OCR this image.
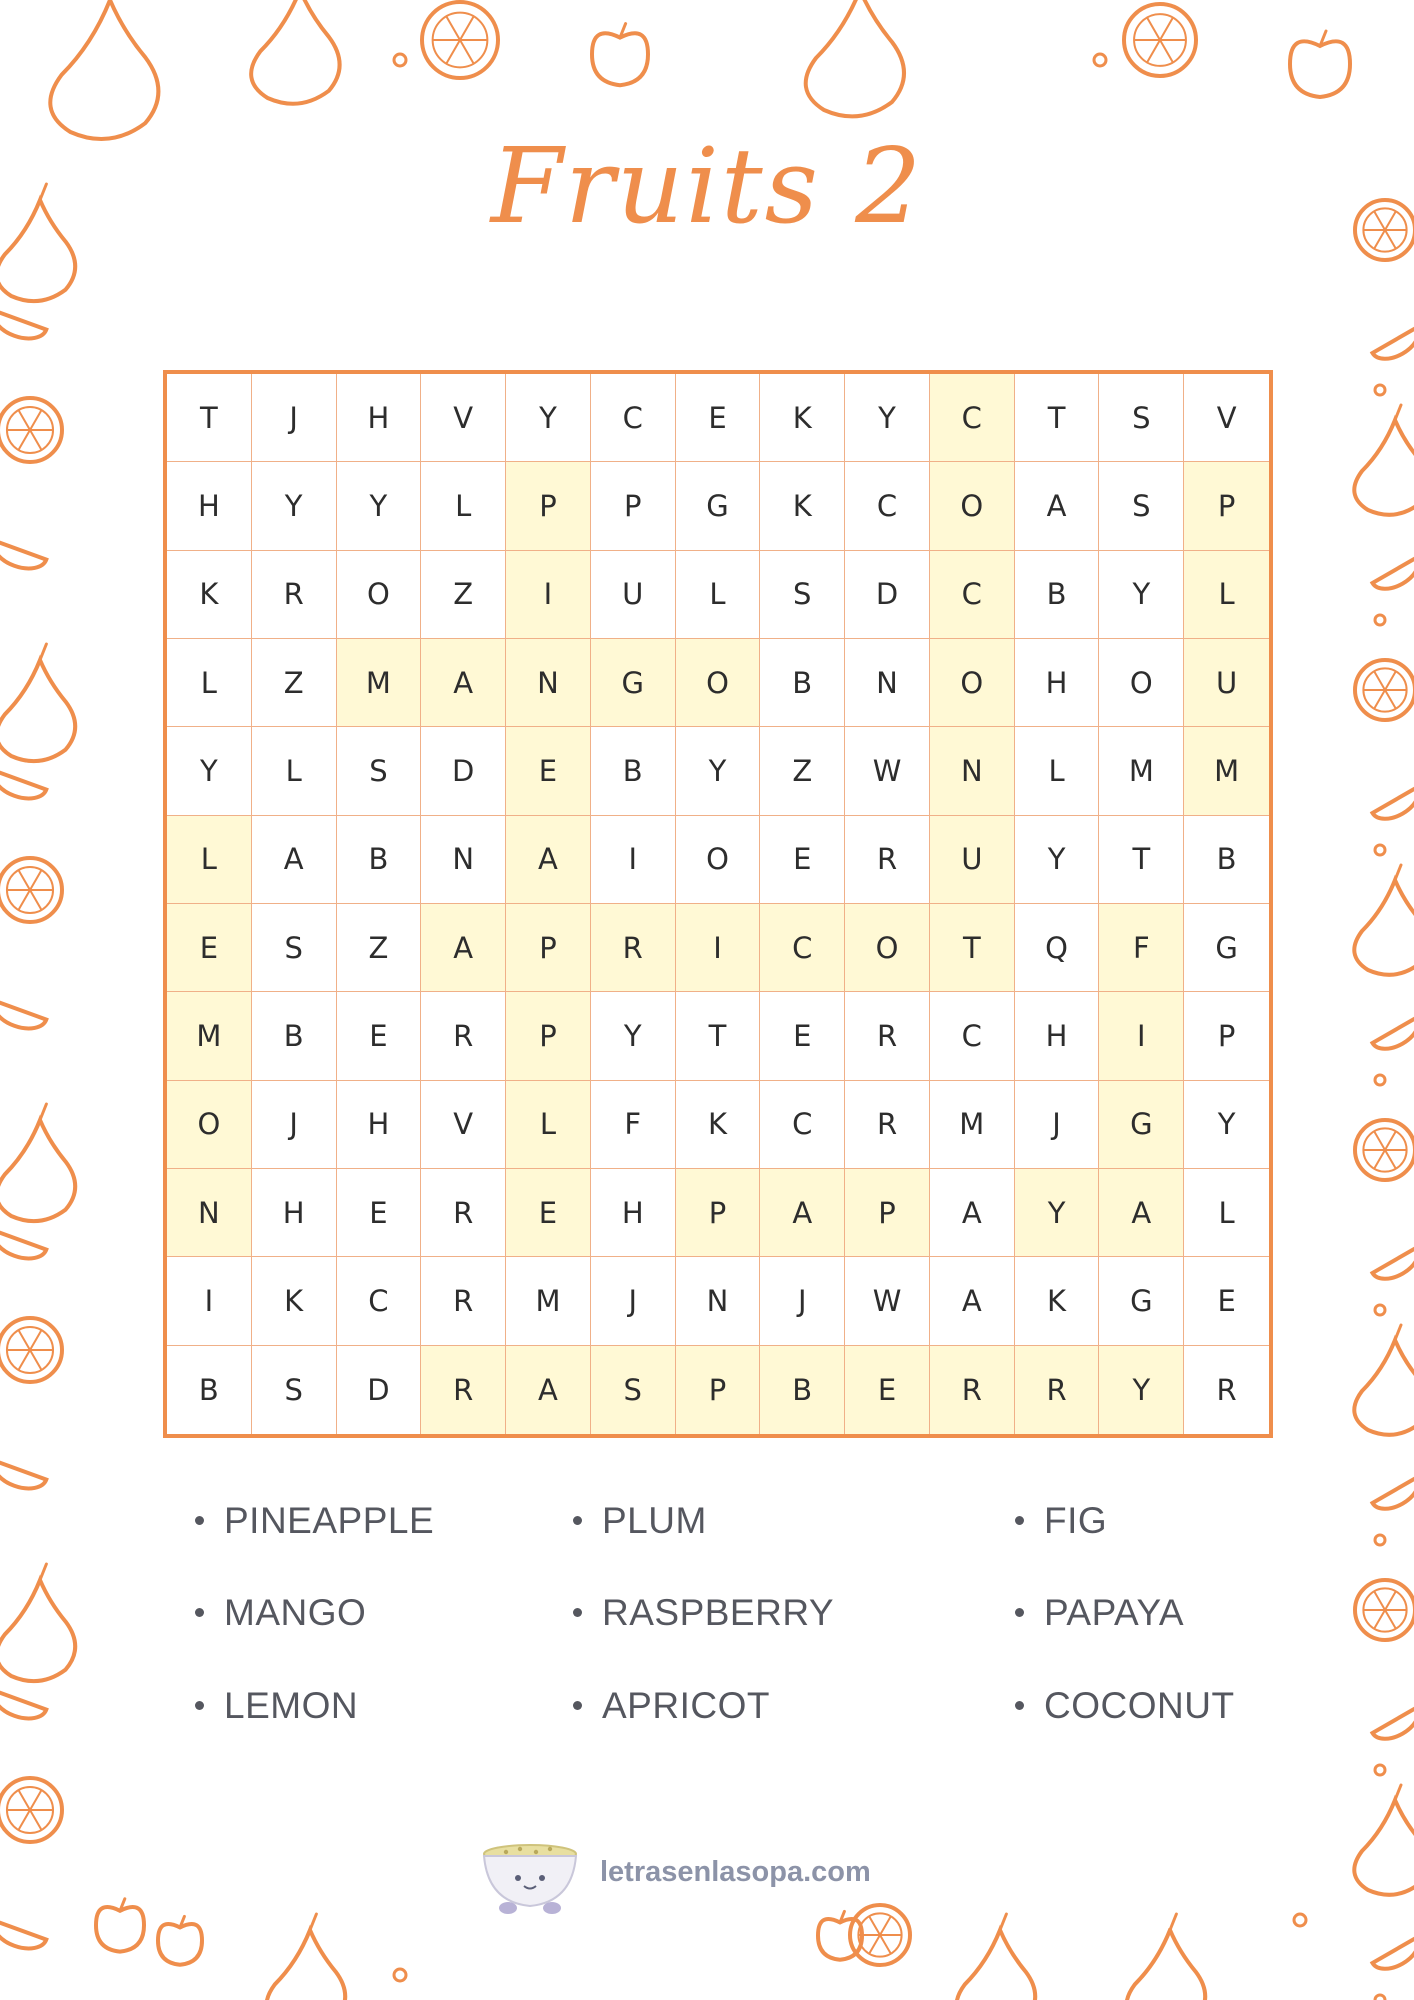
Fruits 2
T	J	H	V	Y	C	E	K	Y	C	T	S	V
H	Y	Y	L	P	P	G	K	C	O	A	S	P
K	R	O	Z	I	U	L	S	D	C	B	Y	L
L	Z	M	A	N	G	O	B	N	O	H	O	U
Y	L	S	D	E	B	Y	Z	W	N	L	M	M
L	A	B	N	A	I	O	E	R	U	Y	T	B
E	S	Z	A	P	R	I	C	O	T	Q	F	G
M	B	E	R	P	Y	T	E	R	C	H	I	P
O	J	H	V	L	F	K	C	R	M	J	G	Y
N	H	E	R	E	H	P	A	P	A	Y	A	L
I	K	C	R	M	J	N	J	W	A	K	G	E
B	S	D	R	A	S	P	B	E	R	R	Y	R
PINEAPPLE	PLUM	FIG
MANGO	RASPBERRY	PAPAYA
LEMON	APRICOT	COCONUT
letrasenlasopa.com
